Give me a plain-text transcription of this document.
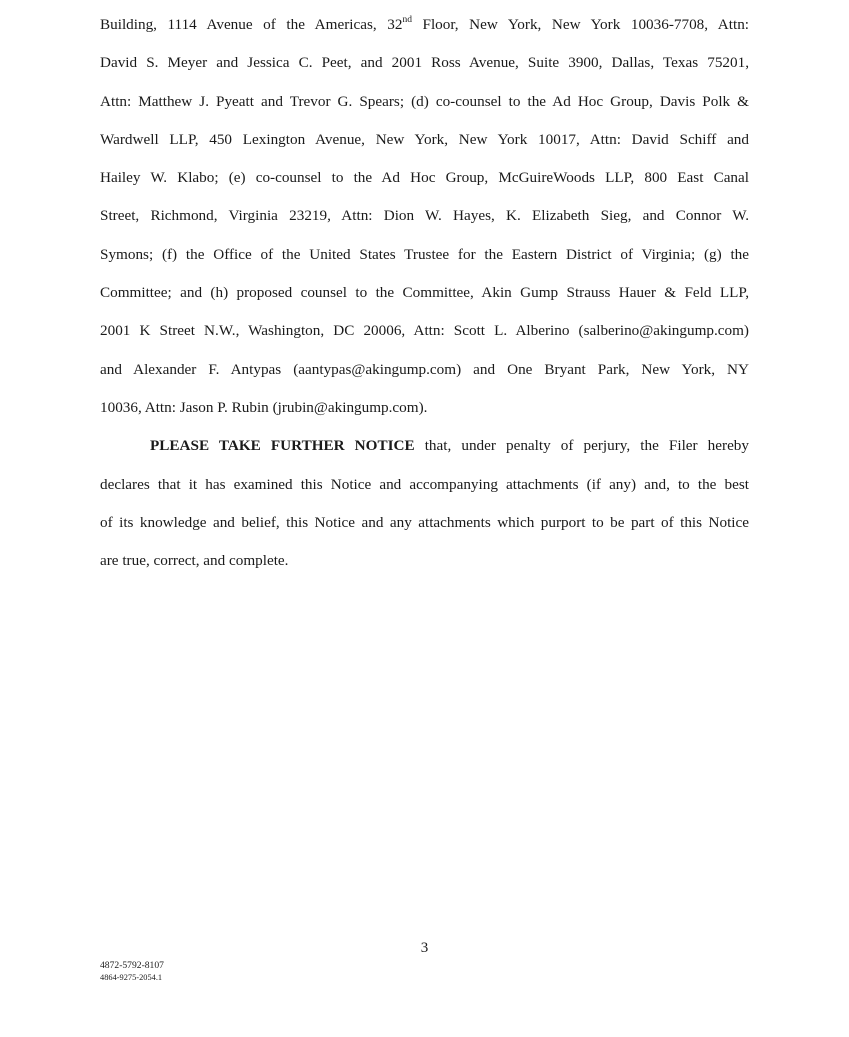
Building, 1114 Avenue of the Americas, 32nd Floor, New York, New York 10036-7708, Attn:
David S. Meyer and Jessica C. Peet, and 2001 Ross Avenue, Suite 3900, Dallas, Texas 75201,
Attn: Matthew J. Pyeatt and Trevor G. Spears; (d) co-counsel to the Ad Hoc Group, Davis Polk &
Wardwell LLP, 450 Lexington Avenue, New York, New York 10017, Attn: David Schiff and
Hailey W. Klabo; (e) co-counsel to the Ad Hoc Group, McGuireWoods LLP, 800 East Canal
Street, Richmond, Virginia 23219, Attn: Dion W. Hayes, K. Elizabeth Sieg, and Connor W.
Symons; (f) the Office of the United States Trustee for the Eastern District of Virginia; (g) the
Committee; and (h) proposed counsel to the Committee, Akin Gump Strauss Hauer & Feld LLP,
2001 K Street N.W., Washington, DC 20006, Attn: Scott L. Alberino (salberino@akingump.com)
and Alexander F. Antypas (aantypas@akingump.com) and One Bryant Park, New York, NY
10036, Attn: Jason P. Rubin (jrubin@akingump.com).
PLEASE TAKE FURTHER NOTICE that, under penalty of perjury, the Filer hereby
declares that it has examined this Notice and accompanying attachments (if any) and, to the best
of its knowledge and belief, this Notice and any attachments which purport to be part of this Notice
are true, correct, and complete.
3
4872-5792-8107
4864-9275-2054.1
